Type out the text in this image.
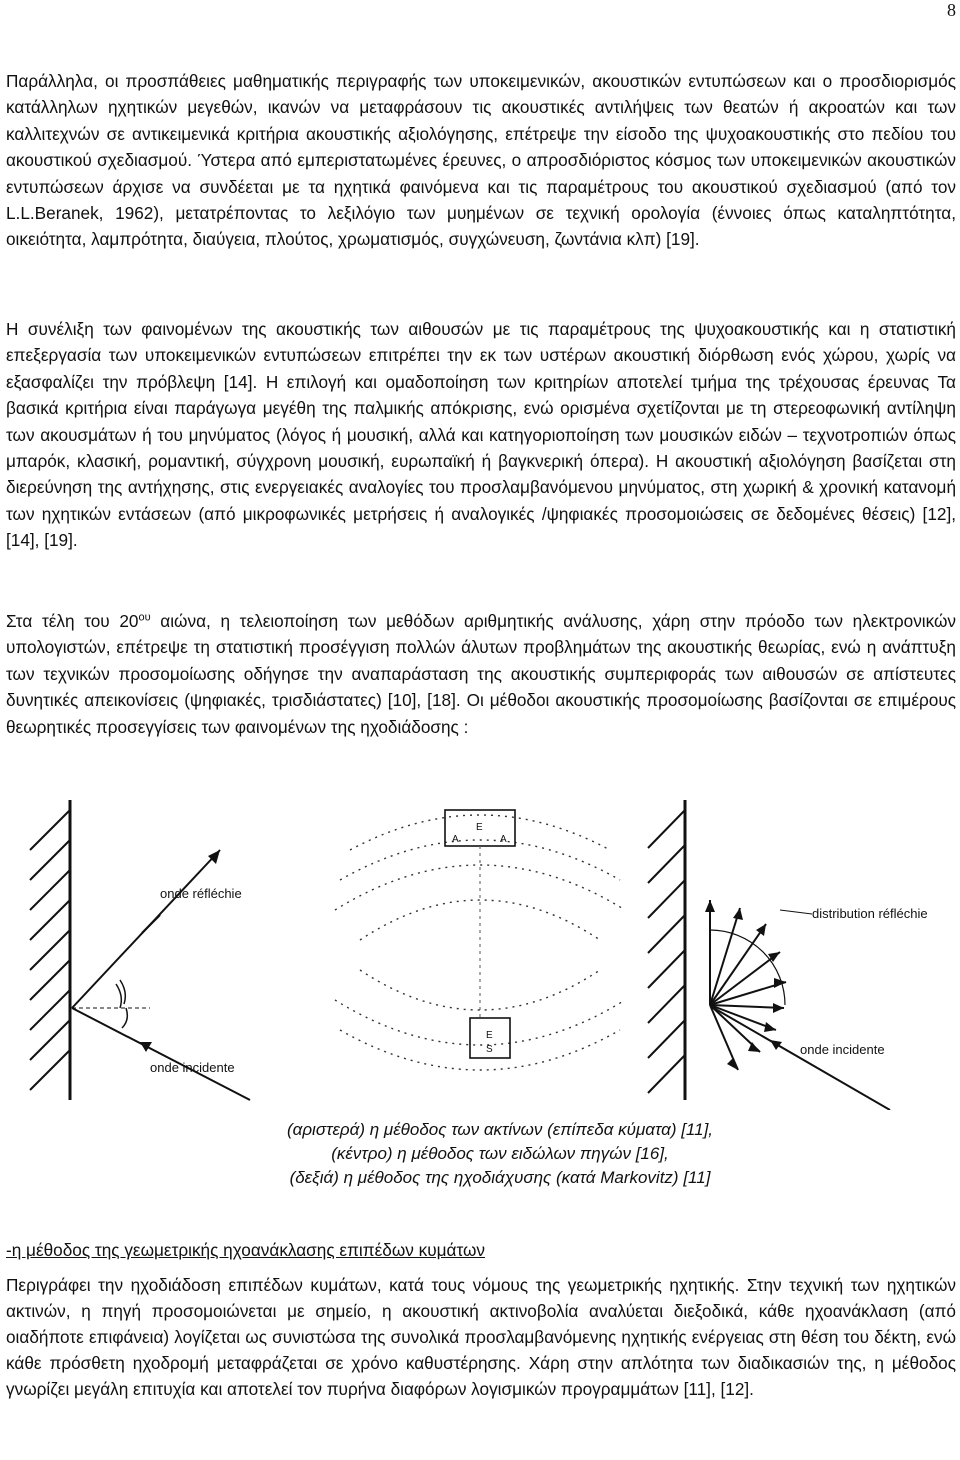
8

Παράλληλα, οι προσπάθειες μαθηματικής περιγραφής των υποκειμενικών, ακουστικών εντυπώσεων και ο προσδιορισμός κατάλληλων ηχητικών μεγεθών, ικανών να μεταφράσουν τις ακουστικές αντιλήψεις των θεατών ή ακροατών και των καλλιτεχνών σε αντικειμενικά κριτήρια ακουστικής αξιολόγησης, επέτρεψε την είσοδο της ψυχοακουστικής στο πεδίου του ακουστικού σχεδιασμού. Ύστερα από εμπεριστατωμένες έρευνες, ο απροσδιόριστος κόσμος των υποκειμενικών ακουστικών εντυπώσεων άρχισε να συνδέεται με τα ηχητικά φαινόμενα και τις παραμέτρους του ακουστικού σχεδιασμού (από τον L.L.Beranek, 1962), μετατρέποντας το λεξιλόγιο των μυημένων σε τεχνική ορολογία (έννοιες όπως καταληπτότητα, οικειότητα, λαμπρότητα, διαύγεια, πλούτος, χρωματισμός, συγχώνευση, ζωντάνια κλπ) [19].

Η συνέλιξη των φαινομένων της ακουστικής των αιθουσών με τις παραμέτρους της ψυχοακουστικής και η στατιστική επεξεργασία των υποκειμενικών εντυπώσεων επιτρέπει την εκ των υστέρων ακουστική διόρθωση ενός χώρου, χωρίς να εξασφαλίζει την πρόβλεψη [14]. Η επιλογή και ομαδοποίηση των κριτηρίων αποτελεί τμήμα της τρέχουσας έρευνας Τα βασικά κριτήρια είναι παράγωγα μεγέθη της παλμικής απόκρισης, ενώ ορισμένα σχετίζονται με τη στερεοφωνική αντίληψη των ακουσμάτων ή του μηνύματος (λόγος ή μουσική, αλλά και κατηγοριοποίηση των μουσικών ειδών – τεχνοτροπιών όπως μπαρόκ, κλασική, ρομαντική, σύγχρονη μουσική, ευρωπαϊκή ή βαγκνερική όπερα). Η ακουστική αξιολόγηση βασίζεται στη διερεύνηση της αντήχησης, στις ενεργειακές αναλογίες του προσλαμβανόμενου μηνύματος, στη χωρική & χρονική κατανομή των ηχητικών εντάσεων (από μικροφωνικές μετρήσεις ή αναλογικές /ψηφιακές προσομοιώσεις σε δεδομένες θέσεις) [12], [14], [19].

Στα τέλη του $20^{o\upsilon}$ αιώνα, η τελειοποίηση των μεθόδων αριθμητικής ανάλυσης, χάρη στην πρόοδο των ηλεκτρονικών υπολογιστών, επέτρεψε τη στατιστική προσέγγιση πολλών άλυτων προβλημάτων της ακουστικής θεωρίας, ενώ η ανάπτυξη των τεχνικών προσομοίωσης οδήγησε την αναπαράσταση της ακουστικής συμπεριφοράς των αιθουσών σε απίστευτες δυνητικές απεικονίσεις (ψηφιακές, τρισδιάστατες) [10], [18]. Οι μέθοδοι ακουστικής προσομοίωσης βασίζονται σε επιμέρους θεωρητικές προσεγγίσεις των φαινομένων της ηχοδιάδοσης :

onde réfléchie
onde incidente
A
E
A
E
S
distribution réfléchie
onde incidente
(αριστερά) η μέθοδος των ακτίνων (επίπεδα κύματα) [11],
(κέντρο) η μέθοδος των ειδώλων πηγών [16],
(δεξιά) η μέθοδος της ηχοδιάχυσης (κατά Markovitz) [11]
-η μέθοδος της γεωμετρικής ηχοανάκλασης επιπέδων κυμάτων

Περιγράφει την ηχοδιάδοση επιπέδων κυμάτων, κατά τους νόμους της γεωμετρικής ηχητικής. Στην τεχνική των ηχητικών ακτινών, η πηγή προσομοιώνεται με σημείο, η ακουστική ακτινοβολία αναλύεται διεξοδικά, κάθε ηχοανάκλαση (από οιαδήποτε επιφάνεια) λογίζεται ως συνιστώσα της συνολικά προσλαμβανόμενης ηχητικής ενέργειας στη θέση του δέκτη, ενώ κάθε πρόσθετη ηχοδρομή μεταφράζεται σε χρόνο καθυστέρησης. Χάρη στην απλότητα των διαδικασιών της, η μέθοδος γνωρίζει μεγάλη επιτυχία και αποτελεί τον πυρήνα διαφόρων λογισμικών προγραμμάτων [11], [12].
